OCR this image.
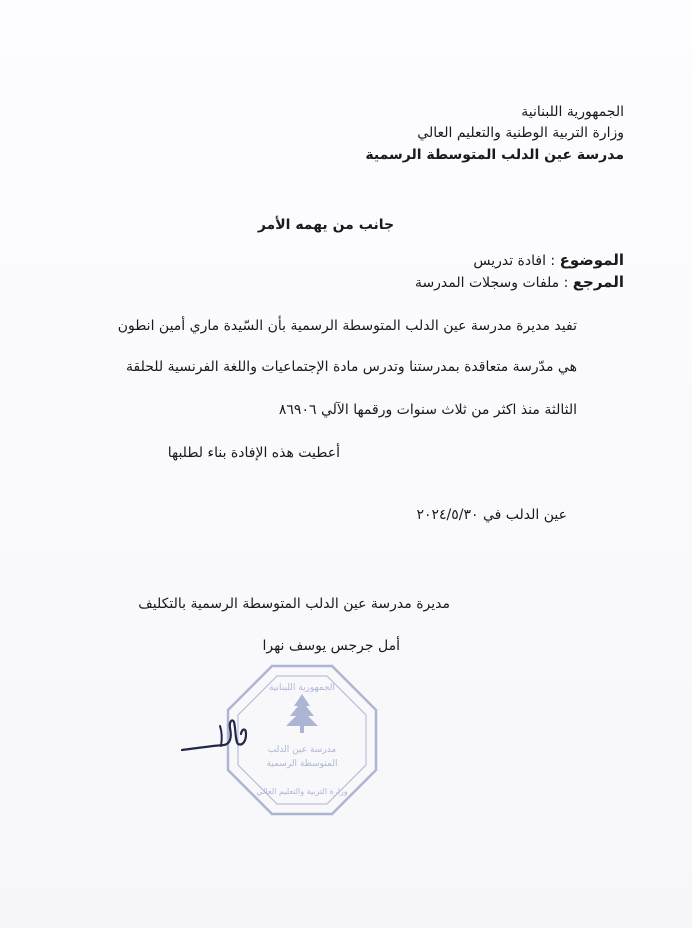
الجمهورية اللبنانية
وزارة التربية الوطنية والتعليم العالي
مدرسة عين الدلب المتوسطة الرسمية
جانب من يهمه الأمر
الموضوع : افادة تدريس
المرجع : ملفات وسجلات المدرسة
تفيد مديرة مدرسة عين الدلب المتوسطة الرسمية بأن السّيدة ماري أمين انطون
هي مدّرسة متعاقدة بمدرستنا وتدرس مادة الإجتماعيات واللغة الفرنسية للحلقة
الثالثة منذ اكثر من ثلاث سنوات ورقمها الآلي ٨٦٩٠٦
أعطيت هذه الإفادة بناء لطلبها
عين الدلب في ٢٠٢٤/٥/٣٠
مديرة مدرسة عين الدلب المتوسطة الرسمية بالتكليف
أمل جرجس يوسف نهرا
الجمهورية اللبنانية
مدرسة عين الدلب
المتوسطة الرسمية
وزارة التربية والتعليم العالي
